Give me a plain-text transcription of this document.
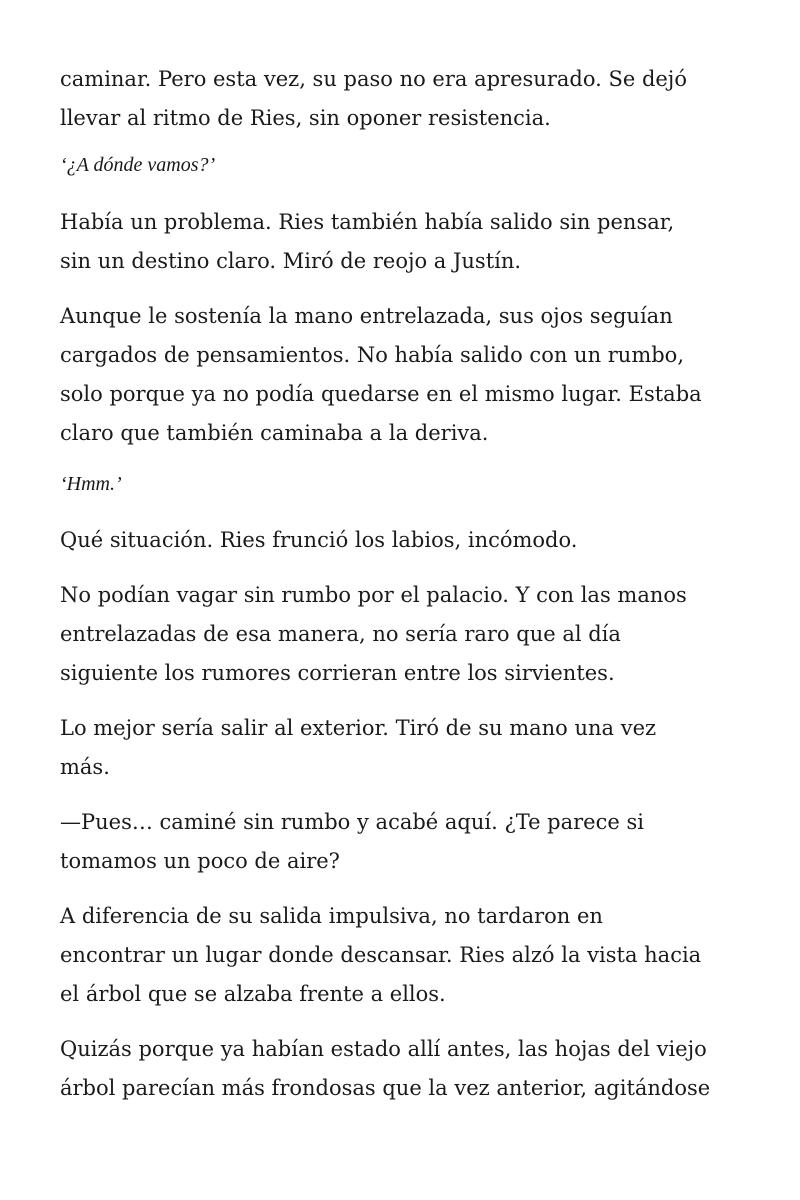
caminar. Pero esta vez, su paso no era apresurado. Se dejó
llevar al ritmo de Ries, sin oponer resistencia.

‘¿A dónde vamos?’

Había un problema. Ries también había salido sin pensar,
sin un destino claro. Miró de reojo a Justín.

Aunque le sostenía la mano entrelazada, sus ojos seguían
cargados de pensamientos. No había salido con un rumbo,
solo porque ya no podía quedarse en el mismo lugar. Estaba
claro que también caminaba a la deriva.

‘Hmm.’

Qué situación. Ries frunció los labios, incómodo.

No podían vagar sin rumbo por el palacio. Y con las manos
entrelazadas de esa manera, no sería raro que al día
siguiente los rumores corrieran entre los sirvientes.

Lo mejor sería salir al exterior. Tiró de su mano una vez
más.

—Pues… caminé sin rumbo y acabé aquí. ¿Te parece si
tomamos un poco de aire?

A diferencia de su salida impulsiva, no tardaron en
encontrar un lugar donde descansar. Ries alzó la vista hacia
el árbol que se alzaba frente a ellos.

Quizás porque ya habían estado allí antes, las hojas del viejo
árbol parecían más frondosas que la vez anterior, agitándose
